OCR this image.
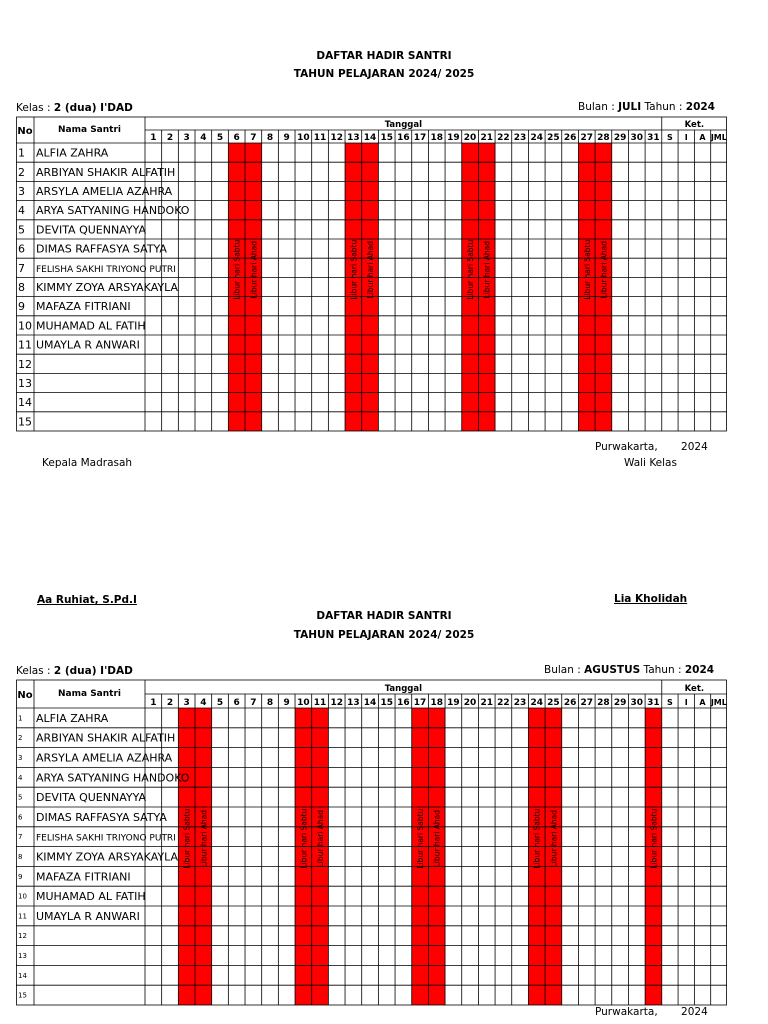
DAFTAR HADIR SANTRI
TAHUN PELAJARAN 2024/ 2025
Kelas : 2 (dua) I'DAD	Bulan : JULI Tahun : 2024
No	Nama Santri	Tanggal	Ket.
1 2 3 4 5 6 7 8 9 10 11 12 13 14 15 16 17 18 19 20 21 22 23 24 25 26 27 28 29 30 31 S I A JML
1 ALFIA ZAHRA
2 ARBIYAN SHAKIR ALFATIH
3 ARSYLA AMELIA AZAHRA
4 ARYA SATYANING HANDOKO
5 DEVITA QUENNAYYA
6 DIMAS RAFFASYA SATYA
7 FELISHA SAKHI TRIYONO PUTRI
8 KIMMY ZOYA ARSYAKAYLA
9 MAFAZA FITRIANI
10 MUHAMAD AL FATIH
11 UMAYLA R ANWARI
12
13
14
15
Libur hari Sabtu	Libur hari Sabtu	Libur hari Sabtu	Libur hari Sabtu
Libur hari Ahad	Libur hari Ahad	Libur hari Ahad	Libur hari Ahad
Purwakarta, 2024
Kepala Madrasah	Wali Kelas
Aa Ruhiat, S.Pd.I	Lia Kholidah
DAFTAR HADIR SANTRI
TAHUN PELAJARAN 2024/ 2025
Kelas : 2 (dua) I'DAD	Bulan : AGUSTUS Tahun : 2024
No	Nama Santri	Tanggal	Ket.
1 2 3 4 5 6 7 8 9 10 11 12 13 14 15 16 17 18 19 20 21 22 23 24 25 26 27 28 29 30 31 S I A JML
1 ALFIA ZAHRA
2 ARBIYAN SHAKIR ALFATIH
3 ARSYLA AMELIA AZAHRA
4 ARYA SATYANING HANDOKO
5 DEVITA QUENNAYYA
6 DIMAS RAFFASYA SATYA
7 FELISHA SAKHI TRIYONO PUTRI
8 KIMMY ZOYA ARSYAKAYLA
9 MAFAZA FITRIANI
10 MUHAMAD AL FATIH
11 UMAYLA R ANWARI
12
13
14
15
Libur hari Sabtu	Libur hari Sabtu	Libur hari Sabtu	Libur hari Sabtu	Libur hari Sabtu
Libur hari Ahad	Libur hari Ahad	Libur hari Ahad	Libur hari Ahad
Purwakarta, 2024
